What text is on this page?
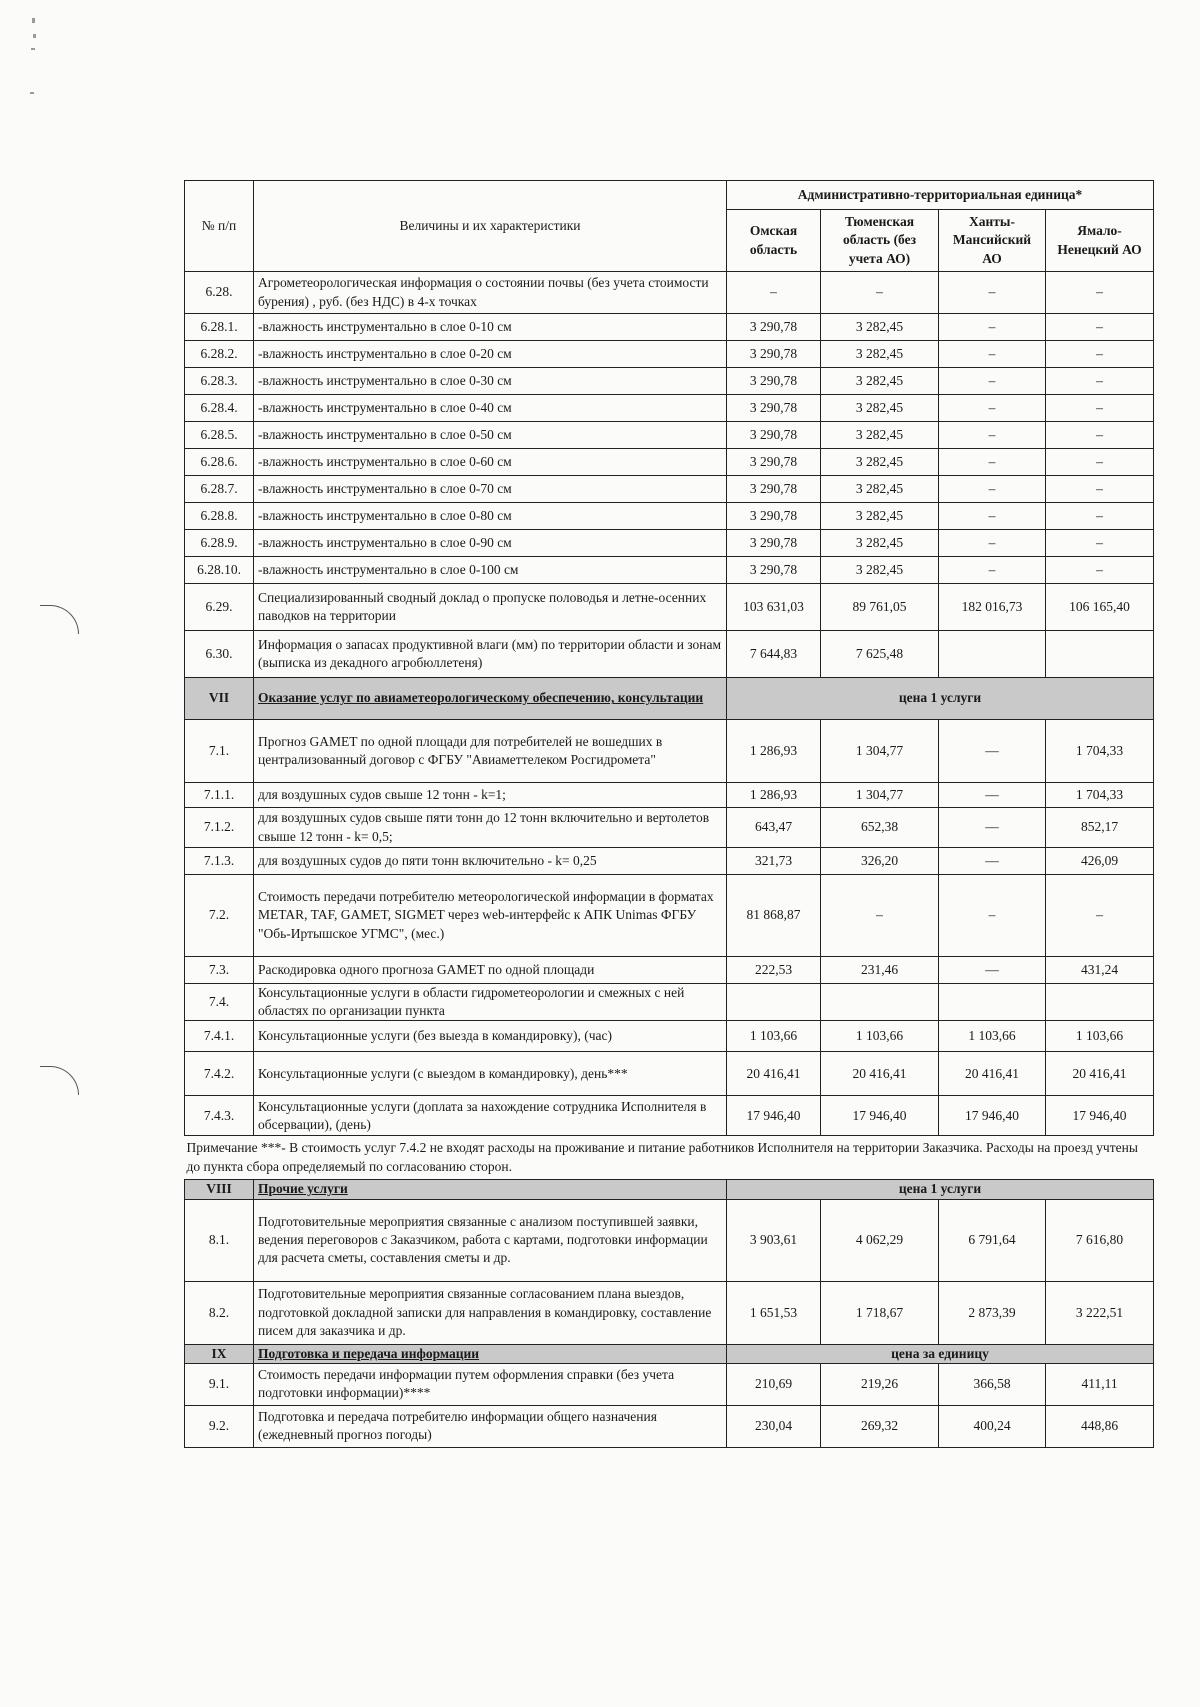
№ п/п	Величины и их характеристики	Административно-территориальная единица*			
		Омская область	Тюменская область (без учета АО)	Ханты-Мансийский АО	Ямало-Ненецкий АО
6.28.	Агрометеорологическая информация о состоянии почвы (без учета стоимости бурения) , руб. (без НДС) в 4-х точках	–	–	–	–
6.28.1.	-влажность инструментально в слое 0-10 см	3 290,78	3 282,45	–	–
6.28.2.	-влажность инструментально в слое 0-20 см	3 290,78	3 282,45	–	–
6.28.3.	-влажность инструментально в слое 0-30 см	3 290,78	3 282,45	–	–
6.28.4.	-влажность инструментально в слое 0-40 см	3 290,78	3 282,45	–	–
6.28.5.	-влажность инструментально в слое 0-50 см	3 290,78	3 282,45	–	–
6.28.6.	-влажность инструментально в слое 0-60 см	3 290,78	3 282,45	–	–
6.28.7.	-влажность инструментально в слое 0-70 см	3 290,78	3 282,45	–	–
6.28.8.	-влажность инструментально в слое 0-80 см	3 290,78	3 282,45	–	–
6.28.9.	-влажность инструментально в слое 0-90 см	3 290,78	3 282,45	–	–
6.28.10.	-влажность инструментально в слое 0-100 см	3 290,78	3 282,45	–	–
6.29.	Специализированный сводный доклад о пропуске половодья и летне-осенних паводков на территории	103 631,03	89 761,05	182 016,73	106 165,40
6.30.	Информация о запасах продуктивной влаги (мм) по территории области и зонам (выписка из декадного агробюллетеня)	7 644,83	7 625,48		
VII	Оказание услуг по авиаметеорологическому обеспечению, консультации	цена 1 услуги			
7.1.	Прогноз GAMET по одной площади для потребителей не вошедших в централизованный договор с ФГБУ "Авиаметтелеком Росгидромета"	1 286,93	1 304,77	—	1 704,33
7.1.1.	для воздушных судов свыше 12 тонн - k=1;	1 286,93	1 304,77	—	1 704,33
7.1.2.	для воздушных судов свыше пяти тонн до 12 тонн включительно и вертолетов свыше 12 тонн - k= 0,5;	643,47	652,38	—	852,17
7.1.3.	для воздушных судов до пяти тонн включительно - k= 0,25	321,73	326,20	—	426,09
7.2.	Стоимость передачи потребителю метеорологической информации в форматах METAR, TAF, GAMET, SIGMET через web-интерфейс к АПК Unimas ФГБУ "Обь-Иртышское УГМС", (мес.)	81 868,87	–	–	–
7.3.	Раскодировка одного прогноза GAMET по одной площади	222,53	231,46	—	431,24
7.4.	Консультационные услуги в области гидрометеорологии и смежных с ней областях по организации пункта				
7.4.1.	Консультационные услуги (без выезда в командировку), (час)	1 103,66	1 103,66	1 103,66	1 103,66
7.4.2.	Консультационные услуги (с выездом в командировку), день***	20 416,41	20 416,41	20 416,41	20 416,41
7.4.3.	Консультационные услуги (доплата за нахождение сотрудника Исполнителя в обсервации), (день)	17 946,40	17 946,40	17 946,40	17 946,40
Примечание ***- В стоимость услуг 7.4.2 не входят расходы на проживание и питание работников Исполнителя на территории Заказчика. Расходы на проезд учтены до пункта сбора определяемый по согласованию сторон.					
VIII	Прочие услуги	цена 1 услуги			
8.1.	Подготовительные мероприятия связанные с анализом поступившей заявки, ведения переговоров с Заказчиком, работа с картами, подготовки информации для расчета сметы, составления сметы и др.	3 903,61	4 062,29	6 791,64	7 616,80
8.2.	Подготовительные мероприятия связанные согласованием плана выездов, подготовкой докладной записки для направления в командировку, составление писем для заказчика и др.	1 651,53	1 718,67	2 873,39	3 222,51
IX	Подготовка и передача информации	цена за единицу			
9.1.	Стоимость передачи информации путем оформления справки (без учета подготовки информации)****	210,69	219,26	366,58	411,11
9.2.	Подготовка и передача потребителю информации общего назначения (ежедневный прогноз погоды)	230,04	269,32	400,24	448,86
